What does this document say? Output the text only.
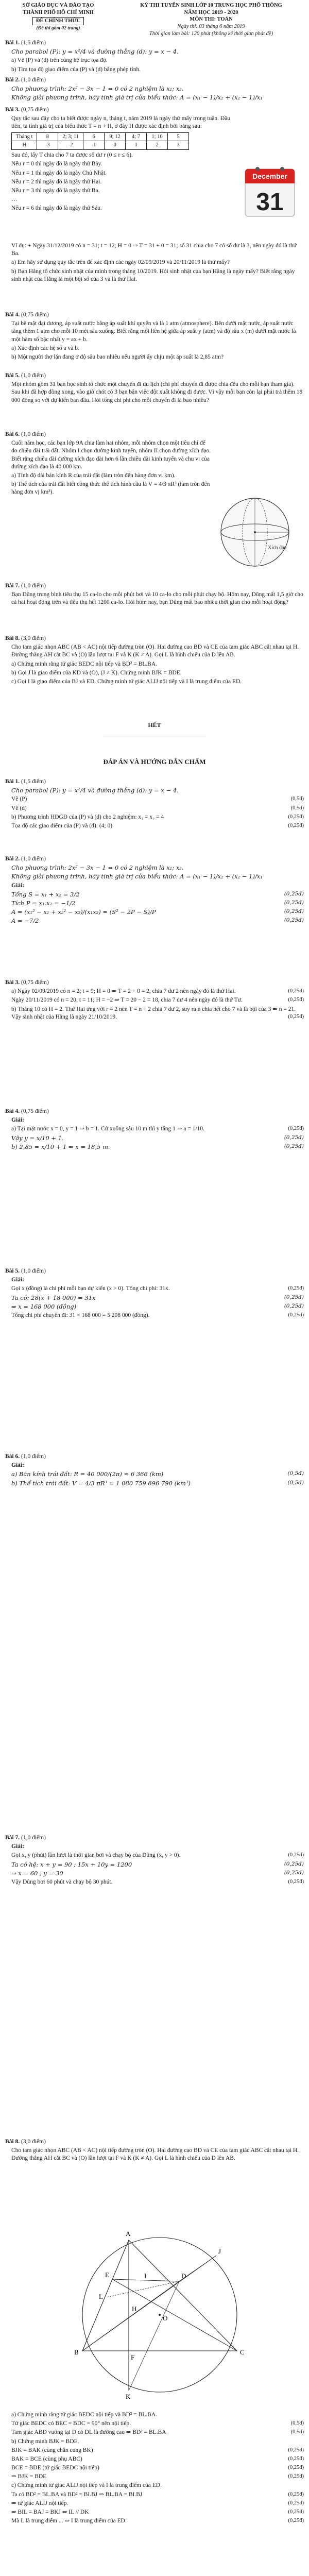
SỞ GIÁO DỤC VÀ ĐÀO TẠO
THÀNH PHỐ HỒ CHÍ MINH
ĐỀ CHÍNH THỨC
(Đề thi gồm 02 trang)
KỲ THI TUYỂN SINH LỚP 10 TRUNG HỌC PHỔ THÔNG
NĂM HỌC 2019 - 2020
MÔN THI: TOÁN
Ngày thi: 03 tháng 6 năm 2019
Thời gian làm bài: 120 phút (không kể thời gian phát đề)
Bài 1. (1,5 điểm)
Cho parabol (P): y = x²/4 và đường thẳng (d): y = x − 4.
a) Vẽ (P) và (d) trên cùng hệ trục tọa độ.
b) Tìm tọa độ giao điểm của (P) và (d) bằng phép tính.
Bài 2. (1,0 điểm)
Cho phương trình: 2x² − 3x − 1 = 0 có 2 nghiệm là x₁; x₂.
Không giải phương trình, hãy tính giá trị của biểu thức: A = (x₁ − 1)/x₂ + (x₂ − 1)/x₁
Bài 3. (0,75 điểm)
Quy tắc sau đây cho ta biết được ngày n, tháng t, năm 2019 là ngày thứ mấy trong tuần. Đầu tiên, ta tính giá trị của biểu thức T = n + H, ở đây H được xác định bởi bảng sau:
Tháng t	8	2; 3; 11	6	9; 12	4; 7	1; 10	5
H	-3	-2	-1	0	1	2	3
Sau đó, lấy T chia cho 7 ta được số dư r (0 ≤ r ≤ 6).
Nếu r = 0 thì ngày đó là ngày thứ Bảy.
Nếu r = 1 thì ngày đó là ngày Chủ Nhật.
Nếu r = 2 thì ngày đó là ngày thứ Hai.
Nếu r = 3 thì ngày đó là ngày thứ Ba.
…
Nếu r = 6 thì ngày đó là ngày thứ Sáu.
Ví dụ: + Ngày 31/12/2019 có n = 31; t = 12; H = 0 ⇒ T = 31 + 0 = 31; số 31 chia cho 7 có số dư là 3, nên ngày đó là thứ Ba.
a) Em hãy sử dụng quy tắc trên để xác định các ngày 02/09/2019 và 20/11/2019 là thứ mấy?
b) Bạn Hằng tổ chức sinh nhật của mình trong tháng 10/2019. Hỏi sinh nhật của bạn Hằng là ngày mấy? Biết rằng ngày sinh nhật của Hằng là một bội số của 3 và là thứ Hai.
December
31
Bài 4. (0,75 điểm)
Tại bề mặt đại dương, áp suất nước bằng áp suất khí quyển và là 1 atm (atmosphere). Bên dưới mặt nước, áp suất nước tăng thêm 1 atm cho mỗi 10 mét sâu xuống. Biết rằng mối liên hệ giữa áp suất y (atm) và độ sâu x (m) dưới mặt nước là một hàm số bậc nhất y = ax + b.
a) Xác định các hệ số a và b.
b) Một người thợ lặn đang ở độ sâu bao nhiêu nếu người ấy chịu một áp suất là 2,85 atm?
Bài 5. (1,0 điểm)
Một nhóm gồm 31 bạn học sinh tổ chức một chuyến đi du lịch (chi phí chuyến đi được chia đều cho mỗi bạn tham gia). Sau khi đã hợp đồng xong, vào giờ chót có 3 bạn bận việc đột xuất không đi được. Vì vậy mỗi bạn còn lại phải trả thêm 18 000 đồng so với dự kiến ban đầu. Hỏi tổng chi phí cho mỗi chuyến đi là bao nhiêu?
Bài 6. (1,0 điểm)
Cuối năm học, các bạn lớp 9A chia làm hai nhóm, mỗi nhóm chọn một tiêu chí để đo chiều dài trái đất. Nhóm I chọn đường kinh tuyến, nhóm II chọn đường xích đạo. Biết rằng chiều dài đường xích đạo dài hơn 6 lần chiều dài kinh tuyến và chu vi của đường xích đạo là 40 000 km.
a) Tính độ dài bán kính R của trái đất (làm tròn đến hàng đơn vị km).
b) Thể tích của trái đất biết công thức thể tích hình cầu là V = 4/3 πR³ (làm tròn đến hàng đơn vị km³).
Xích đạo
Bài 7. (1,0 điểm)
Bạn Dũng trung bình tiêu thụ 15 ca-lo cho mỗi phút bơi và 10 ca-lo cho mỗi phút chạy bộ. Hôm nay, Dũng mất 1,5 giờ cho cả hai hoạt động trên và tiêu thụ hết 1200 ca-lo. Hỏi hôm nay, bạn Dũng mất bao nhiêu thời gian cho mỗi hoạt động?
Bài 8. (3,0 điểm)
Cho tam giác nhọn ABC (AB < AC) nội tiếp đường tròn (O). Hai đường cao BD và CE của tam giác ABC cắt nhau tại H. Đường thẳng AH cắt BC và (O) lần lượt tại F và K (K ≠ A). Gọi L là hình chiếu của D lên AB.
a) Chứng minh rằng tứ giác BEDC nội tiếp và BD² = BL.BA.
b) Gọi J là giao điểm của KD và (O), (J ≠ K). Chứng minh BJK = BDE.
c) Gọi I là giao điểm của BJ và ED. Chứng minh tứ giác ALIJ nội tiếp và I là trung điểm của ED.
HẾT
ĐÁP ÁN VÀ HƯỚNG DẪN CHẤM
Bài 1. (1,5 điểm)
Cho parabol (P): y = x²/4 và đường thẳng (d): y = x − 4.
Vẽ (P)	(0,5đ)
Vẽ (d)	(0,5đ)
b) Phương trình HĐGĐ của (P) và (d) cho 2 nghiệm: x₁ = x₂ = 4	(0,25đ)
Tọa độ các giao điểm của (P) và (d): (4; 0)	(0,25đ)
Bài 2. (1,0 điểm)
Cho phương trình: 2x² − 3x − 1 = 0 có 2 nghiệm là x₁; x₂.
Không giải phương trình, hãy tính giá trị của biểu thức: A = (x₁ − 1)/x₂ + (x₂ − 1)/x₁
Giải:
Tổng S = x₁ + x₂ = 3/2	(0,25đ)
Tích P = x₁.x₂ = −1/2	(0,25đ)
A = (x₁² − x₁ + x₂² − x₂)/(x₁x₂) = (S² − 2P − S)/P	(0,25đ)
A = −7/2	(0,25đ)
Bài 3. (0,75 điểm)
a) Ngày 02/09/2019 có n = 2; t = 9; H = 0 ⇒ T = 2 + 0 = 2, chia 7 dư 2 nên ngày đó là thứ Hai.	(0,25đ)
Ngày 20/11/2019 có n = 20; t = 11; H = −2 ⇒ T = 20 − 2 = 18, chia 7 dư 4 nên ngày đó là thứ Tư.	(0,25đ)
b) Tháng 10 có H = 2. Thứ Hai ứng với r = 2 nên T = n + 2 chia 7 dư 2, suy ra n chia hết cho 7 và là bội của 3 ⇒ n = 21. Vậy sinh nhật của Hằng là ngày 21/10/2019.	(0,25đ)
Bài 4. (0,75 điểm)
Giải:
a) Tại mặt nước x = 0, y = 1 ⇒ b = 1. Cứ xuống sâu 10 m thì y tăng 1 ⇒ a = 1/10.	(0,25đ)
Vậy y = x/10 + 1.	(0,25đ)
b) 2,85 = x/10 + 1 ⇒ x = 18,5 m.	(0,25đ)
Bài 5. (1,0 điểm)
Giải:
Gọi x (đồng) là chi phí mỗi bạn dự kiến (x > 0). Tổng chi phí: 31x.	(0,25đ)
Ta có: 28(x + 18 000) = 31x	(0,25đ)
⇒ x = 168 000 (đồng)	(0,25đ)
Tổng chi phí chuyến đi: 31 × 168 000 = 5 208 000 (đồng).	(0,25đ)
Bài 6. (1,0 điểm)
Giải:
a) Bán kính trái đất: R = 40 000/(2π) ≈ 6 366 (km)	(0,5đ)
b) Thể tích trái đất: V = 4/3 πR³ ≈ 1 080 759 696 790 (km³)	(0,5đ)
Bài 7. (1,0 điểm)
Giải:
Gọi x, y (phút) lần lượt là thời gian bơi và chạy bộ của Dũng (x, y > 0).	(0,25đ)
Ta có hệ: x + y = 90 ; 15x + 10y = 1200	(0,25đ)
⇒ x = 60 ; y = 30	(0,25đ)
Vậy Dũng bơi 60 phút và chạy bộ 30 phút.	(0,25đ)
Bài 8. (3,0 điểm)
Cho tam giác nhọn ABC (AB < AC) nội tiếp đường tròn (O). Hai đường cao BD và CE của tam giác ABC cắt nhau tại H. Đường thẳng AH cắt BC và (O) lần lượt tại F và K (K ≠ A). Gọi L là hình chiếu của D lên AB.
A
B	C
D
E
F
H
K
L
J
I
O
a) Chứng minh rằng tứ giác BEDC nội tiếp và BD² = BL.BA.
Tứ giác BEDC có BEC = BDC = 90° nên nội tiếp.	(0,5đ)
Tam giác ABD vuông tại D có DL là đường cao ⇒ BD² = BL.BA	(0,5đ)
b) Chứng minh BJK = BDE.
BJK = BAK (cùng chắn cung BK)	(0,25đ)
BAK = BCE (cùng phụ ABC)	(0,25đ)
BCE = BDE (tứ giác BEDC nội tiếp)	(0,25đ)
⇒ BJK = BDE	(0,25đ)
c) Chứng minh tứ giác ALIJ nội tiếp và I là trung điểm của ED.
Ta có BD² = BL.BA và BD² = BI.BJ ⇒ BL.BA = BI.BJ	(0,25đ)
⇒ tứ giác ALIJ nội tiếp.	(0,25đ)
⇒ BIL = BAJ = BKJ ⇒ IL // DK	(0,25đ)
Mà L là trung điểm ... ⇒ I là trung điểm của ED.	(0,25đ)
